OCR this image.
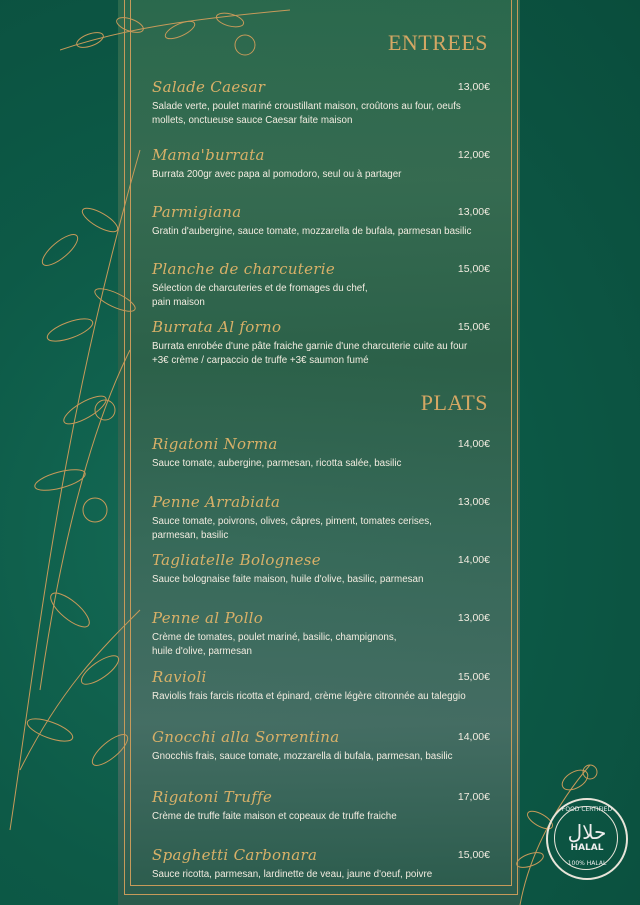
ENTREES
Salade Caesar	13,00€
Salade verte, poulet mariné croustillant maison, croûtons au four, oeufs mollets, onctueuse sauce Caesar faite maison
Mama'burrata	12,00€
Burrata 200gr avec papa al pomodoro, seul ou à partager
Parmigiana	13,00€
Gratin d'aubergine, sauce tomate, mozzarella de bufala, parmesan basilic
Planche de charcuterie	15,00€
Sélection de charcuteries et de fromages du chef, pain maison
Burrata Al forno	15,00€
Burrata enrobée d'une pâte fraiche garnie d'une charcuterie cuite au four +3€ crème / carpaccio de truffe +3€ saumon fumé
PLATS
Rigatoni Norma	14,00€
Sauce tomate, aubergine, parmesan, ricotta salée, basilic
Penne Arrabiata	13,00€
Sauce tomate, poivrons, olives, câpres, piment, tomates cerises, parmesan, basilic
Tagliatelle Bolognese	14,00€
Sauce bolognaise faite maison, huile d'olive, basilic, parmesan
Penne al Pollo	13,00€
Crème de tomates, poulet mariné, basilic, champignons, huile d'olive, parmesan
Ravioli	15,00€
Raviolis frais farcis ricotta et épinard, crème légère citronnée au taleggio
Gnocchi alla Sorrentina	14,00€
Gnocchis frais, sauce tomate, mozzarella di bufala, parmesan, basilic
Rigatoni Truffe	17,00€
Crème de truffe faite maison et copeaux de truffe fraiche
Spaghetti Carbonara	15,00€
Sauce ricotta, parmesan, lardinette de veau, jaune d'oeuf, poivre
FOOD CERTIFIED
حلال
HALAL
100% HALAL
